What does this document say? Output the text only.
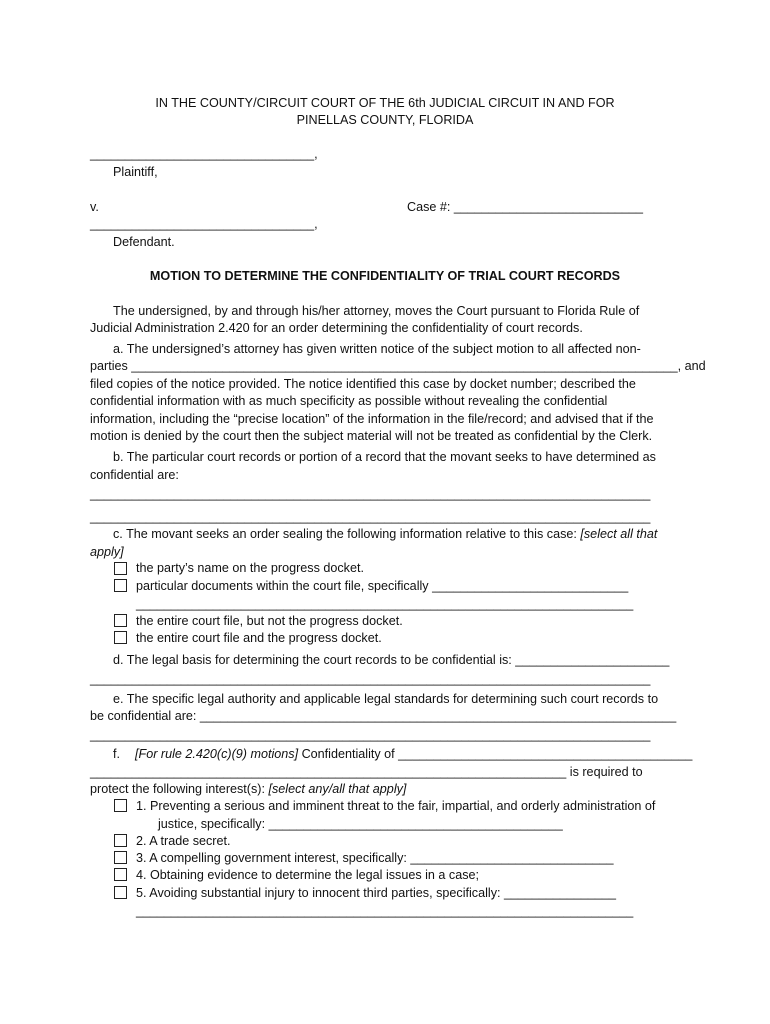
IN THE COUNTY/CIRCUIT COURT OF THE 6th JUDICIAL CIRCUIT IN AND FOR
PINELLAS COUNTY, FLORIDA
________________________________,
Plaintiff,
v.	Case #: ___________________________
________________________________,
Defendant.
MOTION TO DETERMINE THE CONFIDENTIALITY OF TRIAL COURT RECORDS
The undersigned, by and through his/her attorney, moves the Court pursuant to Florida Rule of
Judicial Administration 2.420 for an order determining the confidentiality of court records.
a. The undersigned’s attorney has given written notice of the subject motion to all affected non-
parties ______________________________________________________________________________, and
filed copies of the notice provided. The notice identified this case by docket number; described the
confidential information with as much specificity as possible without revealing the confidential
information, including the “precise location” of the information in the file/record; and advised that if the
motion is denied by the court then the subject material will not be treated as confidential by the Clerk.
b. The particular court records or portion of a record that the movant seeks to have determined as
confidential are:
________________________________________________________________________________
________________________________________________________________________________
c. The movant seeks an order sealing the following information relative to this case: [select all that
apply]
the party’s name on the progress docket.
particular documents within the court file, specifically ____________________________
_______________________________________________________________________
the entire court file, but not the progress docket.
the entire court file and the progress docket.
d. The legal basis for determining the court records to be confidential is: ______________________
________________________________________________________________________________
e. The specific legal authority and applicable legal standards for determining such court records to
be confidential are: ____________________________________________________________________
________________________________________________________________________________
f. [For rule 2.420(c)(9) motions] Confidentiality of __________________________________________
____________________________________________________________________ is required to
protect the following interest(s): [select any/all that apply]
1. Preventing a serious and imminent threat to the fair, impartial, and orderly administration of
justice, specifically: __________________________________________
2. A trade secret.
3. A compelling government interest, specifically: _____________________________
4. Obtaining evidence to determine the legal issues in a case;
5. Avoiding substantial injury to innocent third parties, specifically: ________________
_______________________________________________________________________
